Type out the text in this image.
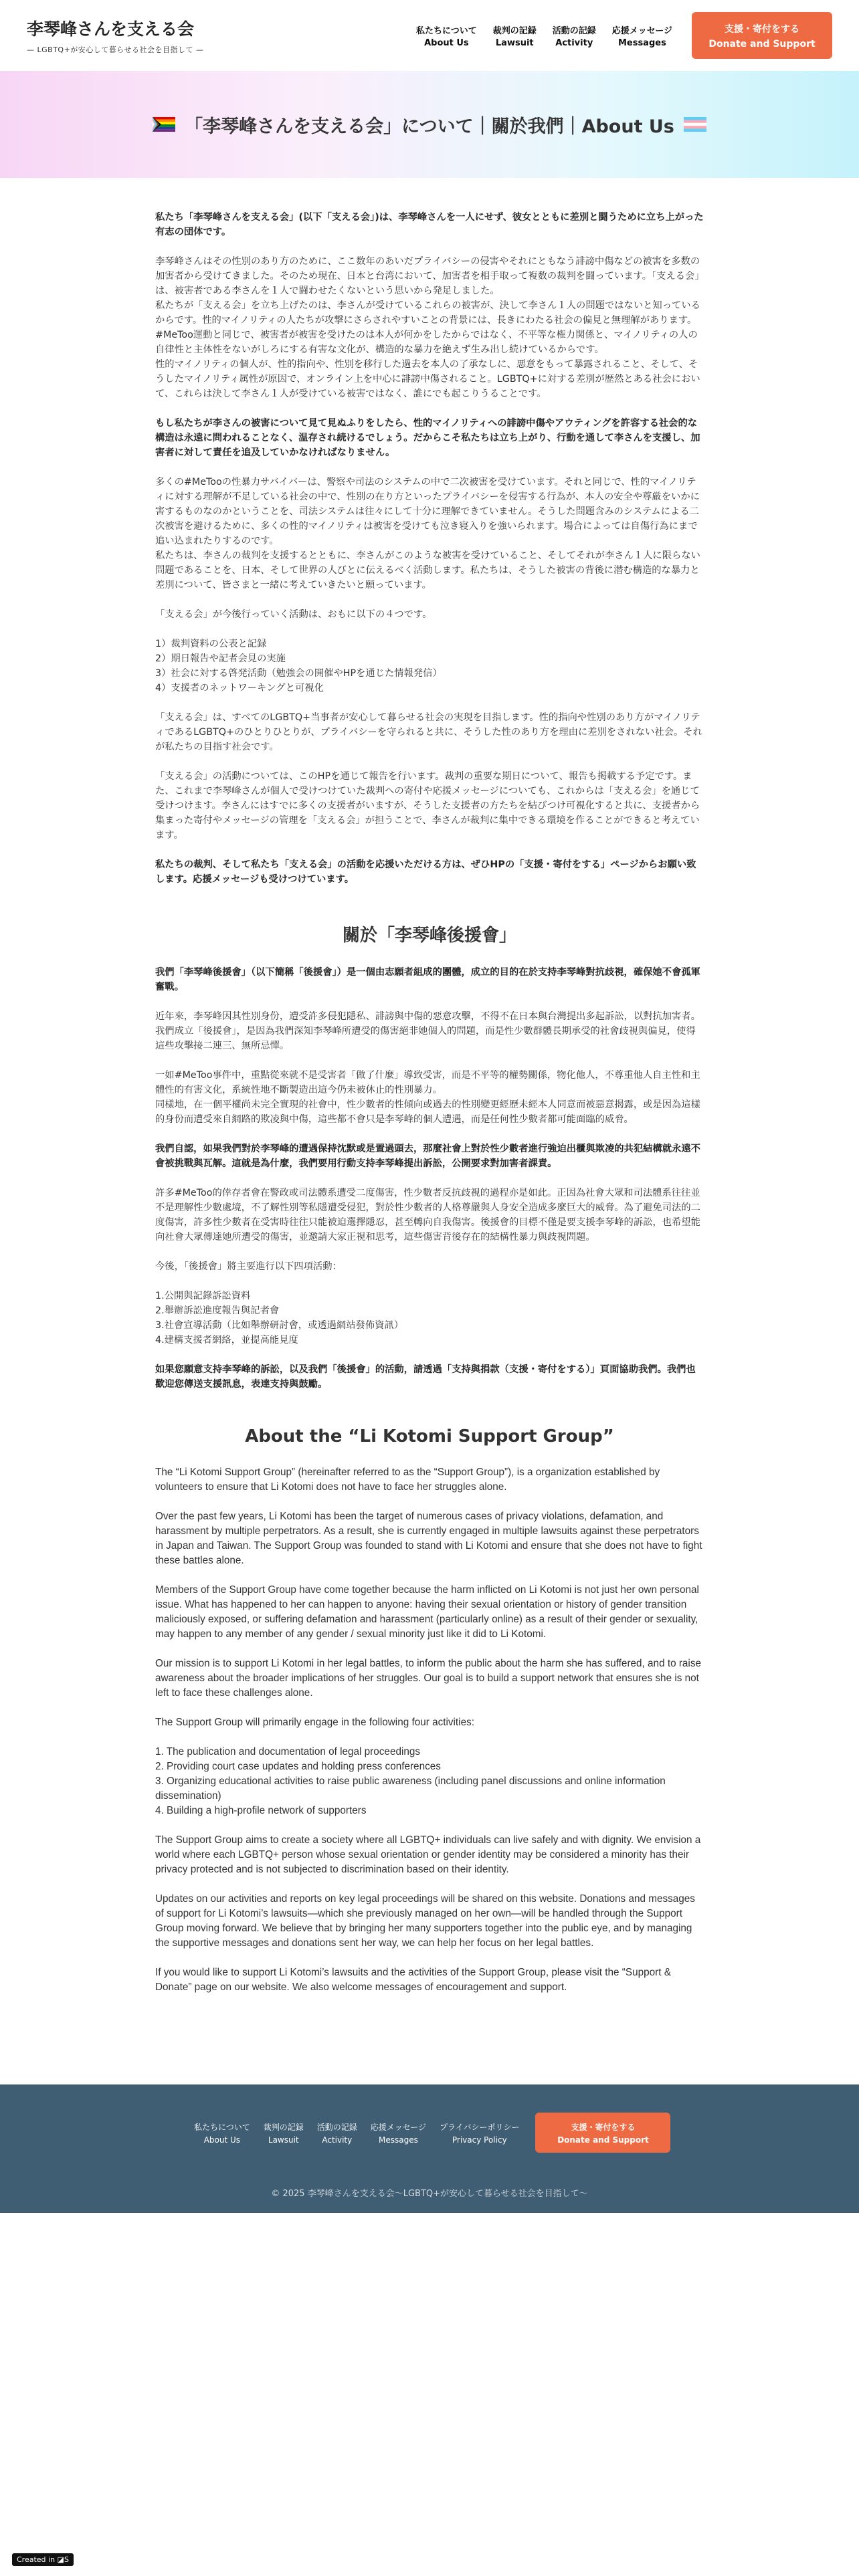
李琴峰さんを支える会
— LGBTQ+が安心して暮らせる社会を目指して —
私たちについて
About Us
裁判の記録
Lawsuit
活動の記録
Activity
応援メッセージ
Messages
支援・寄付をする
Donate and Support
「李琴峰さんを支える会」について｜關於我們｜About Us

私たち「李琴峰さんを支える会」(以下「支える会」)は、李琴峰さんを一人にせず、彼女とともに差別と闘うために立ち上がった有志の団体です。

李琴峰さんはその性別のあり方のために、ここ数年のあいだプライバシーの侵害やそれにともなう誹謗中傷などの被害を多数の加害者から受けてきました。そのため現在、日本と台湾において、加害者を相手取って複数の裁判を闘っています。「支える会」は、被害者である李さんを１人で闘わせたくないという思いから発足しました。

私たちが「支える会」を立ち上げたのは、李さんが受けているこれらの被害が、決して李さん１人の問題ではないと知っているからです。性的マイノリティの人たちが攻撃にさらされやすいことの背景には、長きにわたる社会の偏見と無理解があります。#MeToo運動と同じで、被害者が被害を受けたのは本人が何かをしたからではなく、不平等な権力関係と、マイノリティの人の自律性と主体性をないがしろにする有害な文化が、構造的な暴力を絶えず生み出し続けているからです。

性的マイノリティの個人が、性的指向や、性別を移行した過去を本人の了承なしに、悪意をもって暴露されること、そして、そうしたマイノリティ属性が原因で、オンライン上を中心に誹謗中傷されること。LGBTQ+に対する差別が歴然とある社会において、これらは決して李さん１人が受けている被害ではなく、誰にでも起こりうることです。

もし私たちが李さんの被害について見て見ぬふりをしたら、性的マイノリティへの誹謗中傷やアウティングを許容する社会的な構造は永遠に問われることなく、温存され続けるでしょう。だからこそ私たちは立ち上がり、行動を通して李さんを支援し、加害者に対して責任を追及していかなければなりません。

多くの#MeTooの性暴力サバイバーは、警察や司法のシステムの中で二次被害を受けています。それと同じで、性的マイノリティに対する理解が不足している社会の中で、性別の在り方といったプライバシーを侵害する行為が、本人の安全や尊厳をいかに害するものなのかということを、司法システムは往々にして十分に理解できていません。そうした問題含みのシステムによる二次被害を避けるために、多くの性的マイノリティは被害を受けても泣き寝入りを強いられます。場合によっては自傷行為にまで追い込まれたりするのです。

私たちは、李さんの裁判を支援するとともに、李さんがこのような被害を受けていること、そしてそれが李さん１人に限らない問題であることを、日本、そして世界の人びとに伝えるべく活動します。私たちは、そうした被害の背後に潜む構造的な暴力と差別について、皆さまと一緒に考えていきたいと願っています。

「支える会」が今後行っていく活動は、おもに以下の４つです。

1）裁判資料の公表と記録

2）期日報告や記者会見の実施

3）社会に対する啓発活動（勉強会の開催やHPを通じた情報発信）

4）支援者のネットワーキングと可視化

「支える会」は、すべてのLGBTQ+当事者が安心して暮らせる社会の実現を目指します。性的指向や性別のあり方がマイノリティであるLGBTQ+のひとりひとりが、プライバシーを守られると共に、そうした性のあり方を理由に差別をされない社会。それが私たちの目指す社会です。

「支える会」の活動については、このHPを通じて報告を行います。裁判の重要な期日について、報告も掲載する予定です。また、これまで李琴峰さんが個人で受けつけていた裁判への寄付や応援メッセージについても、これからは「支える会」を通じて受けつけます。李さんにはすでに多くの支援者がいますが、そうした支援者の方たちを結びつけ可視化すると共に、支援者から集まった寄付やメッセージの管理を「支える会」が担うことで、李さんが裁判に集中できる環境を作ることができると考えています。

私たちの裁判、そして私たち「支える会」の活動を応援いただける方は、ぜひHPの「支援・寄付をする」ページからお願い致します。応援メッセージも受けつけています。

關於「李琴峰後援會」

我們「李琴峰後援會」（以下簡稱「後援會」）是一個由志願者組成的團體，成立的目的在於支持李琴峰對抗歧視，確保她不會孤軍奮戰。

近年來，李琴峰因其性別身份，遭受許多侵犯隱私、誹謗與中傷的惡意攻擊，不得不在日本與台灣提出多起訴訟，以對抗加害者。我們成立「後援會」，是因為我們深知李琴峰所遭受的傷害絕非她個人的問題，而是性少數群體長期承受的社會歧視與偏見，使得這些攻擊接二連三、無所忌憚。

一如#MeToo事件中，重點從來就不是受害者「做了什麼」導致受害，而是不平等的權勢關係，物化他人，不尊重他人自主性和主體性的有害文化，系統性地不斷製造出這今仍未被休止的性別暴力。

同樣地，在一個平權尚未完全實現的社會中，性少數者的性傾向或過去的性別變更經歷未經本人同意而被惡意揭露，或是因為這樣的身份而遭受來自網路的欺凌與中傷，這些都不會只是李琴峰的個人遭遇，而是任何性少數者都可能面臨的威脅。

我們自認，如果我們對於李琴峰的遭遇保持沈默或是置過頭去，那麼社會上對於性少數者進行強迫出櫃與欺凌的共犯結構就永遠不會被挑戰與瓦解。這就是為什麼，我們要用行動支持李琴峰提出訴訟，公開要求對加害者課責。

許多#MeToo的倖存者會在警政或司法體系遭受二度傷害，性少數者反抗歧視的過程亦是如此。正因為社會大眾和司法體系往往並不是理解性少數處境，不了解性別等私隱遭受侵犯，對於性少數者的人格尊嚴與人身安全造成多麼巨大的威脅。為了避免司法的二度傷害，許多性少數者在受害時往往只能被迫選擇隱忍，甚至轉向自我傷害。後援會的目標不僅是要支援李琴峰的訴訟，也希望能向社會大眾傳達她所遭受的傷害，並邀請大家正視和思考，這些傷害背後存在的結構性暴力與歧視問題。

今後，「後援會」將主要進行以下四項活動：

1.公開與記錄訴訟資料

2.舉辦訴訟進度報告與記者會

3.社會宣導活動（比如舉辦研討會，或透過網站發佈資訊）

4.建構支援者網絡，並提高能見度

如果您願意支持李琴峰的訴訟，以及我們「後援會」的活動，請透過「支持與捐款（支援・寄付をする）」頁面協助我們。我們也歡迎您傳送支援訊息，表達支持與鼓勵。

About the “Li Kotomi Support Group”

The “Li Kotomi Support Group” (hereinafter referred to as the “Support Group”), is a organization established by volunteers to ensure that Li Kotomi does not have to face her struggles alone.

Over the past few years, Li Kotomi has been the target of numerous cases of privacy violations, defamation, and harassment by multiple perpetrators. As a result, she is currently engaged in multiple lawsuits against these perpetrators in Japan and Taiwan. The Support Group was founded to stand with Li Kotomi and ensure that she does not have to fight these battles alone.

Members of the Support Group have come together because the harm inflicted on Li Kotomi is not just her own personal issue. What has happened to her can happen to anyone: having their sexual orientation or history of gender transition maliciously exposed, or suffering defamation and harassment (particularly online) as a result of their gender or sexuality, may happen to any member of any gender / sexual minority just like it did to Li Kotomi.

Our mission is to support Li Kotomi in her legal battles, to inform the public about the harm she has suffered, and to raise awareness about the broader implications of her struggles. Our goal is to build a support network that ensures she is not left to face these challenges alone.

The Support Group will primarily engage in the following four activities:

1. The publication and documentation of legal proceedings

2. Providing court case updates and holding press conferences

3. Organizing educational activities to raise public awareness (including panel discussions and online information dissemination)

4. Building a high-profile network of supporters

The Support Group aims to create a society where all LGBTQ+ individuals can live safely and with dignity. We envision a world where each LGBTQ+ person whose sexual orientation or gender identity may be considered a minority has their privacy protected and is not subjected to discrimination based on their identity.

Updates on our activities and reports on key legal proceedings will be shared on this website. Donations and messages of support for Li Kotomi’s lawsuits—which she previously managed on her own—will be handled through the Support Group moving forward. We believe that by bringing her many supporters together into the public eye, and by managing the supportive messages and donations sent her way, we can help her focus on her legal battles.

If you would like to support Li Kotomi’s lawsuits and the activities of the Support Group, please visit the “Support & Donate” page on our website. We also welcome messages of encouragement and support.

私たちについて
About Us
裁判の記録
Lawsuit
活動の記録
Activity
応援メッセージ
Messages
プライバシーポリシー
Privacy Policy
支援・寄付をする
Donate and Support
© 2025 李琴峰さんを支える会〜LGBTQ+が安心して暮らせる社会を目指して〜
Created in ◪S
